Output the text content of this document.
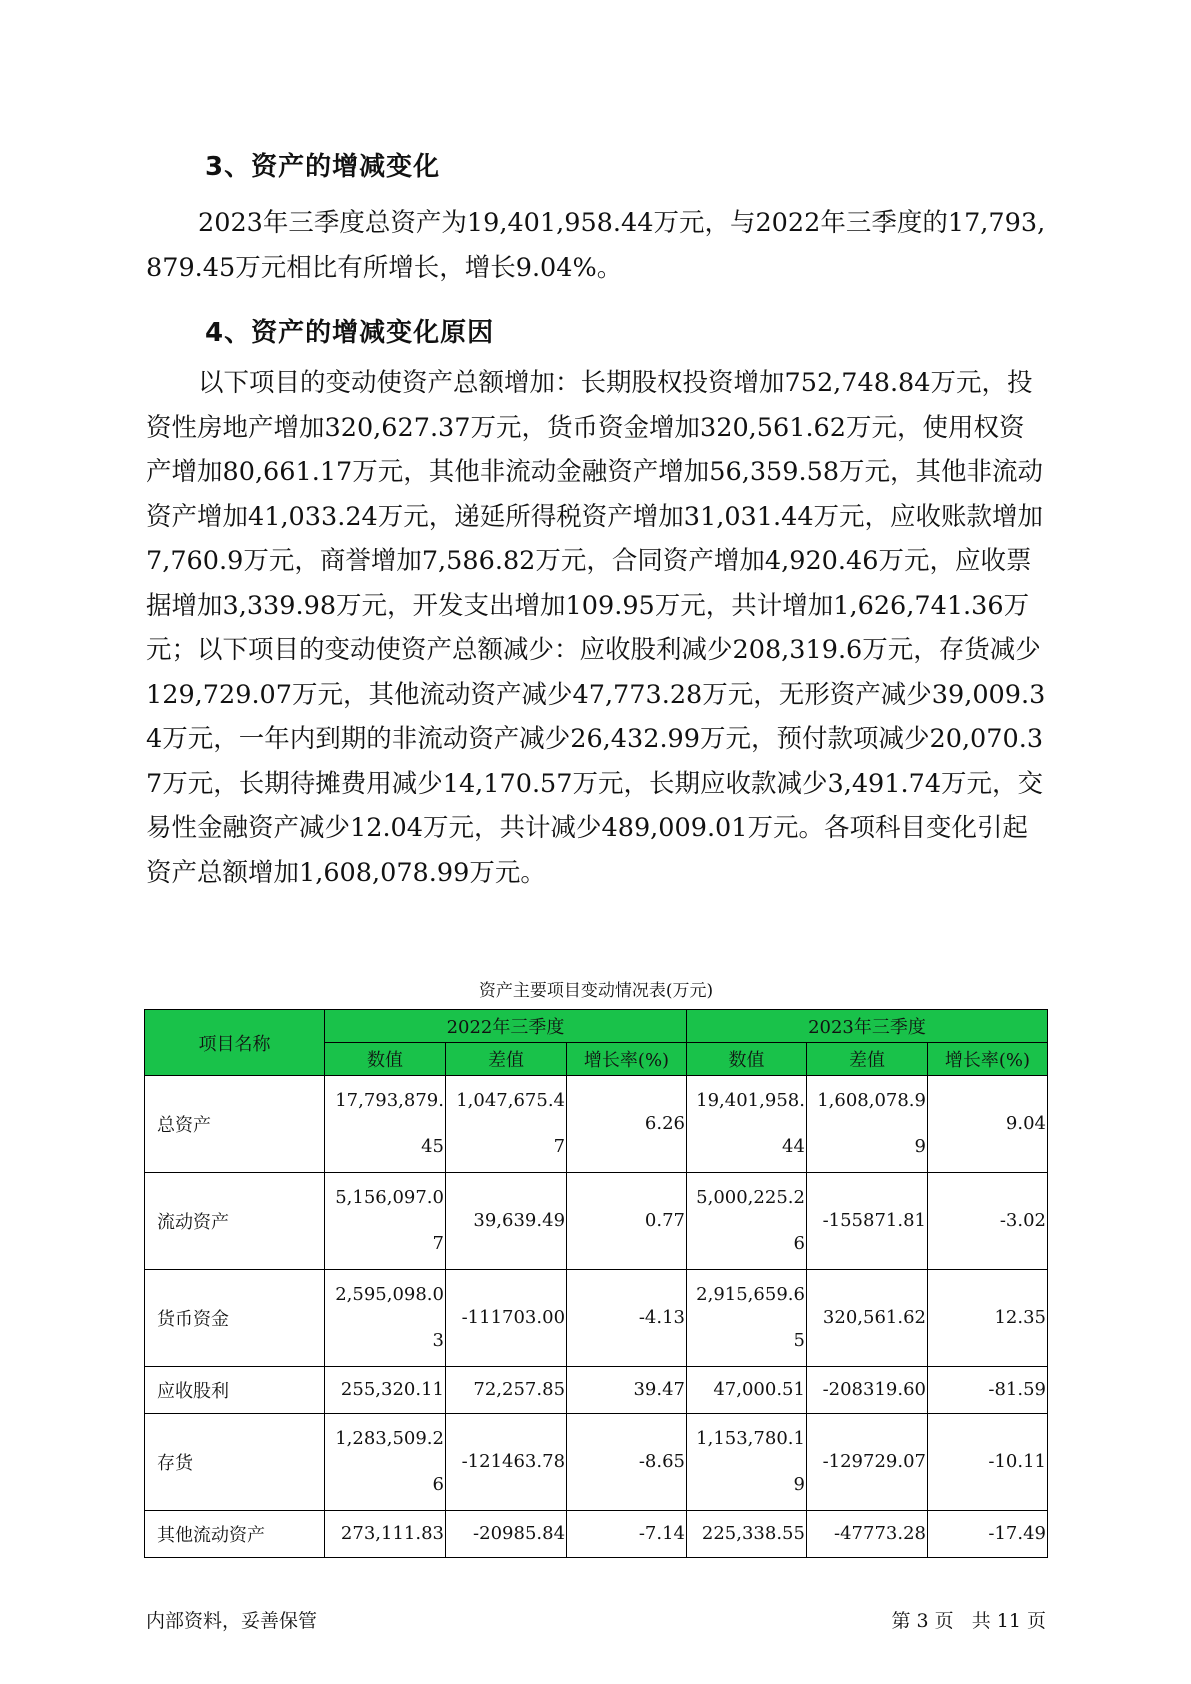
3、资产的增减变化

2023年三季度总资产为19,401,958.44万元，与2022年三季度的17,793,879.45万元相比有所增长，增长9.04%。

4、资产的增减变化原因

以下项目的变动使资产总额增加：长期股权投资增加752,748.84万元，投资性房地产增加320,627.37万元，货币资金增加320,561.62万元，使用权资产增加80,661.17万元，其他非流动金融资产增加56,359.58万元，其他非流动资产增加41,033.24万元，递延所得税资产增加31,031.44万元，应收账款增加7,760.9万元，商誉增加7,586.82万元，合同资产增加4,920.46万元，应收票据增加3,339.98万元，开发支出增加109.95万元，共计增加1,626,741.36万元；以下项目的变动使资产总额减少：应收股利减少208,319.6万元，存货减少129,729.07万元，其他流动资产减少47,773.28万元，无形资产减少39,009.34万元，一年内到期的非流动资产减少26,432.99万元，预付款项减少20,070.37万元，长期待摊费用减少14,170.57万元，长期应收款减少3,491.74万元，交易性金融资产减少12.04万元，共计减少489,009.01万元。各项科目变化引起资产总额增加1,608,078.99万元。

资产主要项目变动情况表(万元)
项目名称	2022年三季度			2023年三季度		
	数值	差值	增长率(%)	数值	差值	增长率(%)
总资产	17,793,879.45	1,047,675.47	6.26	19,401,958.44	1,608,078.99	9.04
流动资产	5,156,097.07	39,639.49	0.77	5,000,225.26	-155871.81	-3.02
货币资金	2,595,098.03	-111703.00	-4.13	2,915,659.65	320,561.62	12.35
应收股利	255,320.11	72,257.85	39.47	47,000.51	-208319.60	-81.59
存货	1,283,509.26	-121463.78	-8.65	1,153,780.19	-129729.07	-10.11
其他流动资产	273,111.83	-20985.84	-7.14	225,338.55	-47773.28	-17.49
内部资料，妥善保管	第 3 页   共 11 页
